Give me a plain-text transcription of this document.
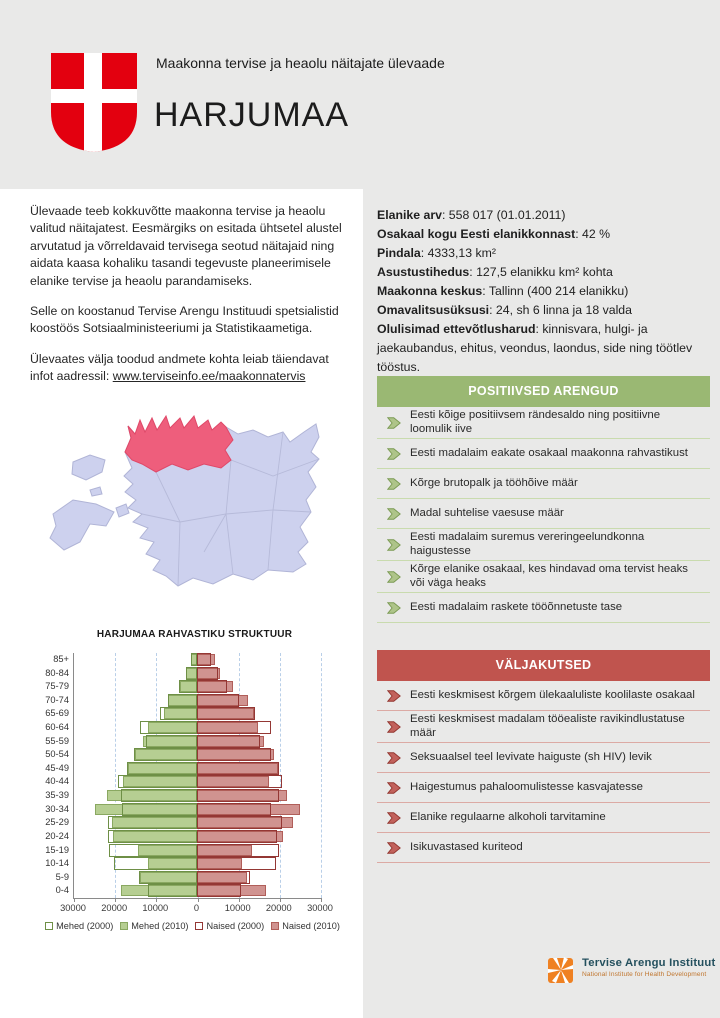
Maakonna tervise ja heaolu näitajate ülevaade
HARJUMAA

Ülevaade teeb kokkuvõtte maakonna tervise ja heaolu valitud näitajatest. Eesmärgiks on esitada ühtsetel alustel arvutatud ja võrreldavaid tervisega seotud näitajaid ning aidata kaasa kohaliku tasandi tegevuste planeerimisele elanike tervise ja heaolu parandamiseks.

Selle on koostanud Tervise Arengu Instituudi spetsialistid koostöös Sotsiaalministeeriumi ja Statistikaametiga.

Ülevaates välja toodud andmete kohta leiab täiendavat infot aadressil: www.terviseinfo.ee/maakonnatervis

Elanike arv: 558 017 (01.01.2011)
Osakaal kogu Eesti elanikkonnast: 42 %
Pindala: 4333,13 km²
Asustustihedus: 127,5 elanikku km² kohta
Maakonna keskus: Tallinn (400 214 elanikku)
Omavalitsusüksusi: 24, sh 6 linna ja 18 valda
Olulisimad ettevõtlusharud: kinnisvara, hulgi- ja jaekaubandus, ehitus, veondus, laondus, side ning töötlev tööstus.
HARJUMAA RAHVASTIKU STRUKTUUR
85+
80-84
75-79
70-74
65-69
60-64
55-59
50-54
45-49
40-44
35-39
30-34
25-29
20-24
15-19
10-14
5-9
0-4
30000 20000 10000	0	10000 20000 30000
Mehed (2000) Mehed (2010) Naised (2000) Naised (2010)
POSITIIVSED ARENGUD
Eesti kõige positiivsem rändesaldo ning positiivne loomulik iive
Eesti madalaim eakate osakaal maakonna rahvastikust
Kõrge brutopalk ja tööhõive määr
Madal suhtelise vaesuse määr
Eesti madalaim suremus vereringeelundkonna haigustesse
Kõrge elanike osakaal, kes hindavad oma tervist heaks või väga heaks
Eesti madalaim raskete tööõnnetuste tase
VÄLJAKUTSED
Eesti keskmisest kõrgem ülekaaluliste koolilaste osakaal
Eesti keskmisest madalam tööealiste ravikindlustatuse määr
Seksuaalsel teel levivate haiguste (sh HIV) levik
Haigestumus pahaloomulistesse kasvajatesse
Elanike regulaarne alkoholi tarvitamine
Isikuvastased kuriteod
Tervise Arengu Instituut
National Institute for Health Development
